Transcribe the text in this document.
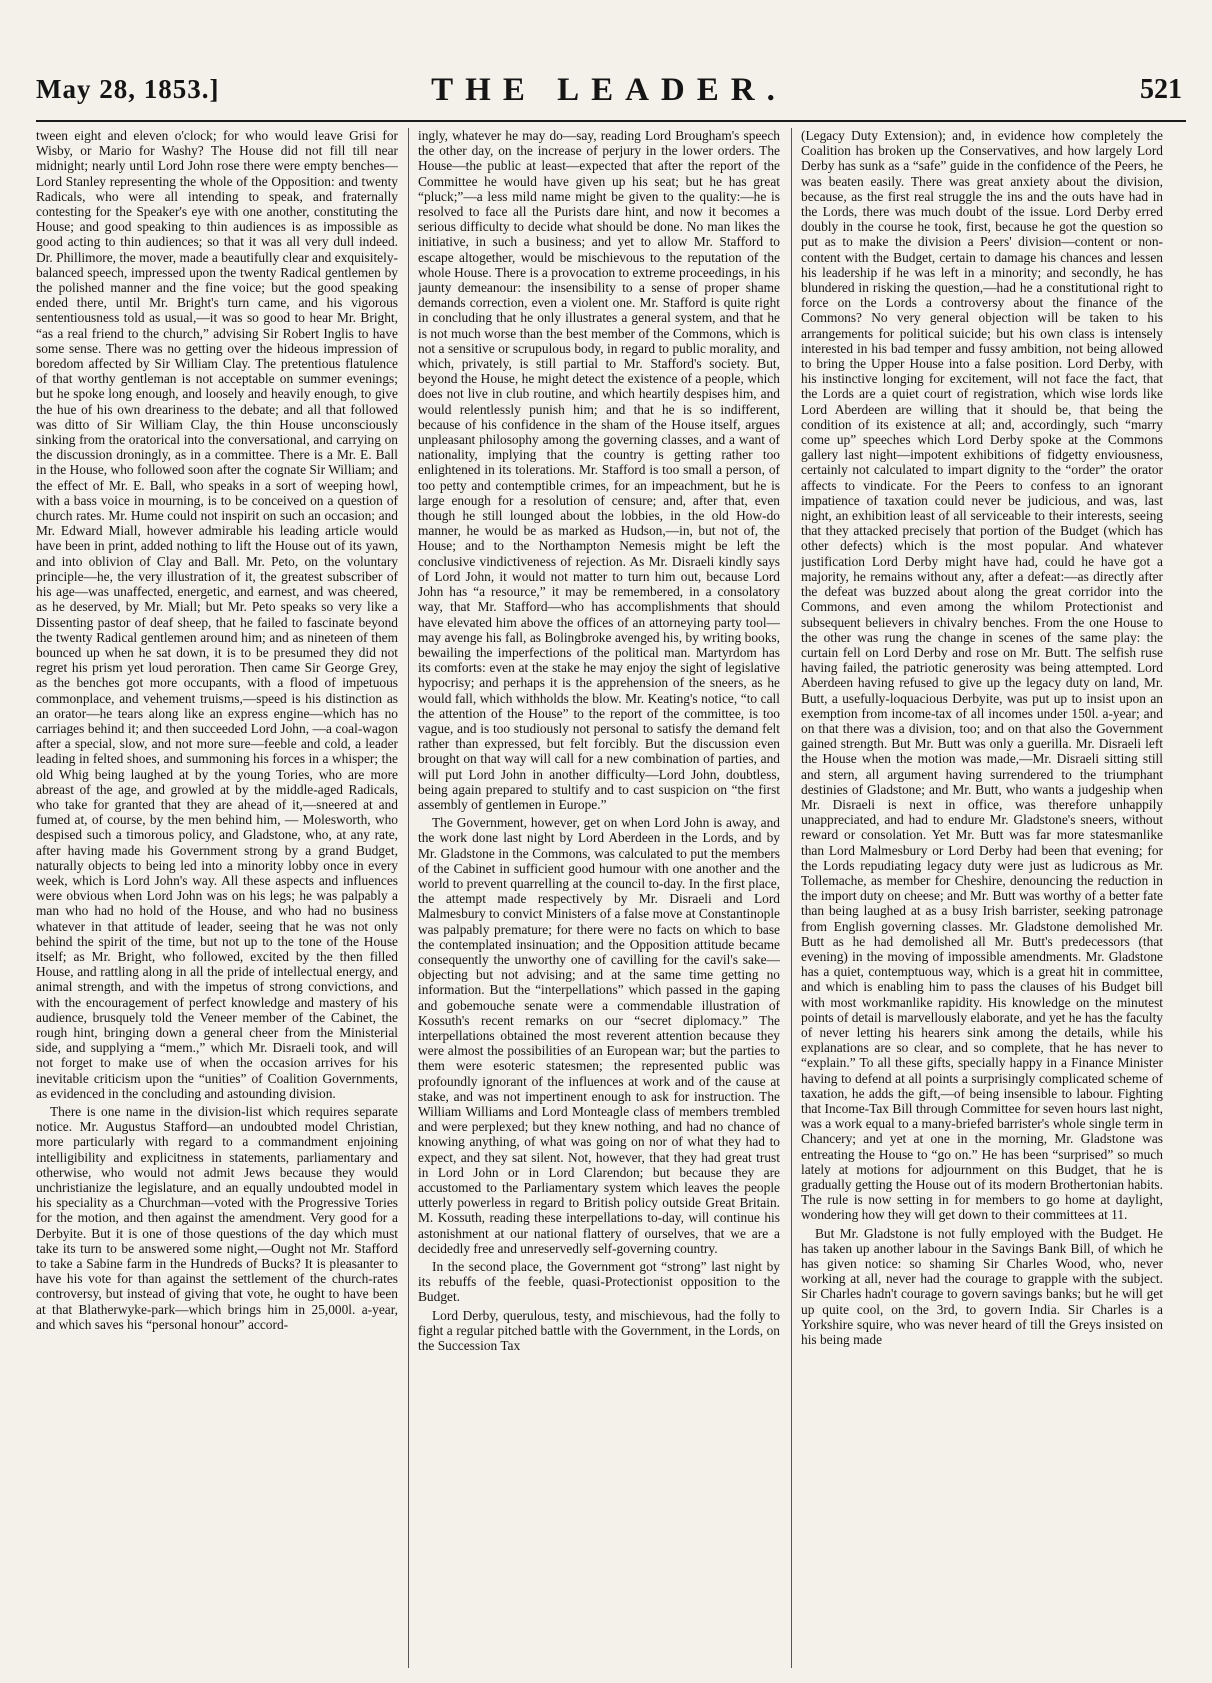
May 28, 1853.]	THE LEADER.	521

tween eight and eleven o'clock; for who would leave Grisi for Wisby, or Mario for Washy? The House did not fill till near midnight; nearly until Lord John rose there were empty benches—Lord Stanley representing the whole of the Opposition: and twenty Radicals, who were all intending to speak, and fraternally contesting for the Speaker's eye with one another, constituting the House; and good speaking to thin audiences is as impossible as good acting to thin audiences; so that it was all very dull indeed. Dr. Phillimore, the mover, made a beautifully clear and exquisitely-balanced speech, impressed upon the twenty Radical gentlemen by the polished manner and the fine voice; but the good speaking ended there, until Mr. Bright's turn came, and his vigorous sententiousness told as usual,—it was so good to hear Mr. Bright, “as a real friend to the church,” advising Sir Robert Inglis to have some sense. There was no getting over the hideous impression of boredom affected by Sir William Clay. The pretentious flatulence of that worthy gentleman is not acceptable on summer evenings; but he spoke long enough, and loosely and heavily enough, to give the hue of his own dreariness to the debate; and all that followed was ditto of Sir William Clay, the thin House unconsciously sinking from the oratorical into the conversational, and carrying on the discussion droningly, as in a committee. There is a Mr. E. Ball in the House, who followed soon after the cognate Sir William; and the effect of Mr. E. Ball, who speaks in a sort of weeping howl, with a bass voice in mourning, is to be conceived on a question of church rates. Mr. Hume could not inspirit on such an occasion; and Mr. Edward Miall, however admirable his leading article would have been in print, added nothing to lift the House out of its yawn, and into oblivion of Clay and Ball. Mr. Peto, on the voluntary principle—he, the very illustration of it, the greatest subscriber of his age—was unaffected, energetic, and earnest, and was cheered, as he deserved, by Mr. Miall; but Mr. Peto speaks so very like a Dissenting pastor of deaf sheep, that he failed to fascinate beyond the twenty Radical gentlemen around him; and as nineteen of them bounced up when he sat down, it is to be presumed they did not regret his prism yet loud peroration. Then came Sir George Grey, as the benches got more occupants, with a flood of impetuous commonplace, and vehement truisms,—speed is his distinction as an orator—he tears along like an express engine—which has no carriages behind it; and then succeeded Lord John, —a coal-wagon after a special, slow, and not more sure—feeble and cold, a leader leading in felted shoes, and summoning his forces in a whisper; the old Whig being laughed at by the young Tories, who are more abreast of the age, and growled at by the middle-aged Radicals, who take for granted that they are ahead of it,—sneered at and fumed at, of course, by the men behind him, — Molesworth, who despised such a timorous policy, and Gladstone, who, at any rate, after having made his Government strong by a grand Budget, naturally objects to being led into a minority lobby once in every week, which is Lord John's way. All these aspects and influences were obvious when Lord John was on his legs; he was palpably a man who had no hold of the House, and who had no business whatever in that attitude of leader, seeing that he was not only behind the spirit of the time, but not up to the tone of the House itself; as Mr. Bright, who followed, excited by the then filled House, and rattling along in all the pride of intellectual energy, and animal strength, and with the impetus of strong convictions, and with the encouragement of perfect knowledge and mastery of his audience, brusquely told the Veneer member of the Cabinet, the rough hint, bringing down a general cheer from the Ministerial side, and supplying a “mem.,” which Mr. Disraeli took, and will not forget to make use of when the occasion arrives for his inevitable criticism upon the “unities” of Coalition Governments, as evidenced in the concluding and astounding division.

There is one name in the division-list which requires separate notice. Mr. Augustus Stafford—an undoubted model Christian, more particularly with regard to a commandment enjoining intelligibility and explicitness in statements, parliamentary and otherwise, who would not admit Jews because they would unchristianize the legislature, and an equally undoubted model in his speciality as a Churchman—voted with the Progressive Tories for the motion, and then against the amendment. Very good for a Derbyite. But it is one of those questions of the day which must take its turn to be answered some night,—Ought not Mr. Stafford to take a Sabine farm in the Hundreds of Bucks? It is pleasanter to have his vote for than against the settlement of the church-rates controversy, but instead of giving that vote, he ought to have been at that Blatherwyke-park—which brings him in 25,000l. a-year, and which saves his “personal honour” accord-

ingly, whatever he may do—say, reading Lord Brougham's speech the other day, on the increase of perjury in the lower orders. The House—the public at least—expected that after the report of the Committee he would have given up his seat; but he has great “pluck;”—a less mild name might be given to the quality:—he is resolved to face all the Purists dare hint, and now it becomes a serious difficulty to decide what should be done. No man likes the initiative, in such a business; and yet to allow Mr. Stafford to escape altogether, would be mischievous to the reputation of the whole House. There is a provocation to extreme proceedings, in his jaunty demeanour: the insensibility to a sense of proper shame demands correction, even a violent one. Mr. Stafford is quite right in concluding that he only illustrates a general system, and that he is not much worse than the best member of the Commons, which is not a sensitive or scrupulous body, in regard to public morality, and which, privately, is still partial to Mr. Stafford's society. But, beyond the House, he might detect the existence of a people, which does not live in club routine, and which heartily despises him, and would relentlessly punish him; and that he is so indifferent, because of his confidence in the sham of the House itself, argues unpleasant philosophy among the governing classes, and a want of nationality, implying that the country is getting rather too enlightened in its tolerations. Mr. Stafford is too small a person, of too petty and contemptible crimes, for an impeachment, but he is large enough for a resolution of censure; and, after that, even though he still lounged about the lobbies, in the old How-do manner, he would be as marked as Hudson,—in, but not of, the House; and to the Northampton Nemesis might be left the conclusive vindictiveness of rejection. As Mr. Disraeli kindly says of Lord John, it would not matter to turn him out, because Lord John has “a resource,” it may be remembered, in a consolatory way, that Mr. Stafford—who has accomplishments that should have elevated him above the offices of an attorneying party tool—may avenge his fall, as Bolingbroke avenged his, by writing books, bewailing the imperfections of the political man. Martyrdom has its comforts: even at the stake he may enjoy the sight of legislative hypocrisy; and perhaps it is the apprehension of the sneers, as he would fall, which withholds the blow. Mr. Keating's notice, “to call the attention of the House” to the report of the committee, is too vague, and is too studiously not personal to satisfy the demand felt rather than expressed, but felt forcibly. But the discussion even brought on that way will call for a new combination of parties, and will put Lord John in another difficulty—Lord John, doubtless, being again prepared to stultify and to cast suspicion on “the first assembly of gentlemen in Europe.”

The Government, however, get on when Lord John is away, and the work done last night by Lord Aberdeen in the Lords, and by Mr. Gladstone in the Commons, was calculated to put the members of the Cabinet in sufficient good humour with one another and the world to prevent quarrelling at the council to-day. In the first place, the attempt made respectively by Mr. Disraeli and Lord Malmesbury to convict Ministers of a false move at Constantinople was palpably premature; for there were no facts on which to base the contemplated insinuation; and the Opposition attitude became consequently the unworthy one of cavilling for the cavil's sake—objecting but not advising; and at the same time getting no information. But the “interpellations” which passed in the gaping and gobemouche senate were a commendable illustration of Kossuth's recent remarks on our “secret diplomacy.” The interpellations obtained the most reverent attention because they were almost the possibilities of an European war; but the parties to them were esoteric statesmen; the represented public was profoundly ignorant of the influences at work and of the cause at stake, and was not impertinent enough to ask for instruction. The William Williams and Lord Monteagle class of members trembled and were perplexed; but they knew nothing, and had no chance of knowing anything, of what was going on nor of what they had to expect, and they sat silent. Not, however, that they had great trust in Lord John or in Lord Clarendon; but because they are accustomed to the Parliamentary system which leaves the people utterly powerless in regard to British policy outside Great Britain. M. Kossuth, reading these interpellations to-day, will continue his astonishment at our national flattery of ourselves, that we are a decidedly free and unreservedly self-governing country.

In the second place, the Government got “strong” last night by its rebuffs of the feeble, quasi-Protectionist opposition to the Budget.

Lord Derby, querulous, testy, and mischievous, had the folly to fight a regular pitched battle with the Government, in the Lords, on the Succession Tax

(Legacy Duty Extension); and, in evidence how completely the Coalition has broken up the Conservatives, and how largely Lord Derby has sunk as a “safe” guide in the confidence of the Peers, he was beaten easily. There was great anxiety about the division, because, as the first real struggle the ins and the outs have had in the Lords, there was much doubt of the issue. Lord Derby erred doubly in the course he took, first, because he got the question so put as to make the division a Peers' division—content or non-content with the Budget, certain to damage his chances and lessen his leadership if he was left in a minority; and secondly, he has blundered in risking the question,—had he a constitutional right to force on the Lords a controversy about the finance of the Commons? No very general objection will be taken to his arrangements for political suicide; but his own class is intensely interested in his bad temper and fussy ambition, not being allowed to bring the Upper House into a false position. Lord Derby, with his instinctive longing for excitement, will not face the fact, that the Lords are a quiet court of registration, which wise lords like Lord Aberdeen are willing that it should be, that being the condition of its existence at all; and, accordingly, such “marry come up” speeches which Lord Derby spoke at the Commons gallery last night—impotent exhibitions of fidgetty enviousness, certainly not calculated to impart dignity to the “order” the orator affects to vindicate. For the Peers to confess to an ignorant impatience of taxation could never be judicious, and was, last night, an exhibition least of all serviceable to their interests, seeing that they attacked precisely that portion of the Budget (which has other defects) which is the most popular. And whatever justification Lord Derby might have had, could he have got a majority, he remains without any, after a defeat:—as directly after the defeat was buzzed about along the great corridor into the Commons, and even among the whilom Protectionist and subsequent believers in chivalry benches. From the one House to the other was rung the change in scenes of the same play: the curtain fell on Lord Derby and rose on Mr. Butt. The selfish ruse having failed, the patriotic generosity was being attempted. Lord Aberdeen having refused to give up the legacy duty on land, Mr. Butt, a usefully-loquacious Derbyite, was put up to insist upon an exemption from income-tax of all incomes under 150l. a-year; and on that there was a division, too; and on that also the Government gained strength. But Mr. Butt was only a guerilla. Mr. Disraeli left the House when the motion was made,—Mr. Disraeli sitting still and stern, all argument having surrendered to the triumphant destinies of Gladstone; and Mr. Butt, who wants a judgeship when Mr. Disraeli is next in office, was therefore unhappily unappreciated, and had to endure Mr. Gladstone's sneers, without reward or consolation. Yet Mr. Butt was far more statesmanlike than Lord Malmesbury or Lord Derby had been that evening; for the Lords repudiating legacy duty were just as ludicrous as Mr. Tollemache, as member for Cheshire, denouncing the reduction in the import duty on cheese; and Mr. Butt was worthy of a better fate than being laughed at as a busy Irish barrister, seeking patronage from English governing classes. Mr. Gladstone demolished Mr. Butt as he had demolished all Mr. Butt's predecessors (that evening) in the moving of impossible amendments. Mr. Gladstone has a quiet, contemptuous way, which is a great hit in committee, and which is enabling him to pass the clauses of his Budget bill with most workmanlike rapidity. His knowledge on the minutest points of detail is marvellously elaborate, and yet he has the faculty of never letting his hearers sink among the details, while his explanations are so clear, and so complete, that he has never to “explain.” To all these gifts, specially happy in a Finance Minister having to defend at all points a surprisingly complicated scheme of taxation, he adds the gift,—of being insensible to labour. Fighting that Income-Tax Bill through Committee for seven hours last night, was a work equal to a many-briefed barrister's whole single term in Chancery; and yet at one in the morning, Mr. Gladstone was entreating the House to “go on.” He has been “surprised” so much lately at motions for adjournment on this Budget, that he is gradually getting the House out of its modern Brothertonian habits. The rule is now setting in for members to go home at daylight, wondering how they will get down to their committees at 11.

But Mr. Gladstone is not fully employed with the Budget. He has taken up another labour in the Savings Bank Bill, of which he has given notice: so shaming Sir Charles Wood, who, never working at all, never had the courage to grapple with the subject. Sir Charles hadn't courage to govern savings banks; but he will get up quite cool, on the 3rd, to govern India. Sir Charles is a Yorkshire squire, who was never heard of till the Greys insisted on his being made
